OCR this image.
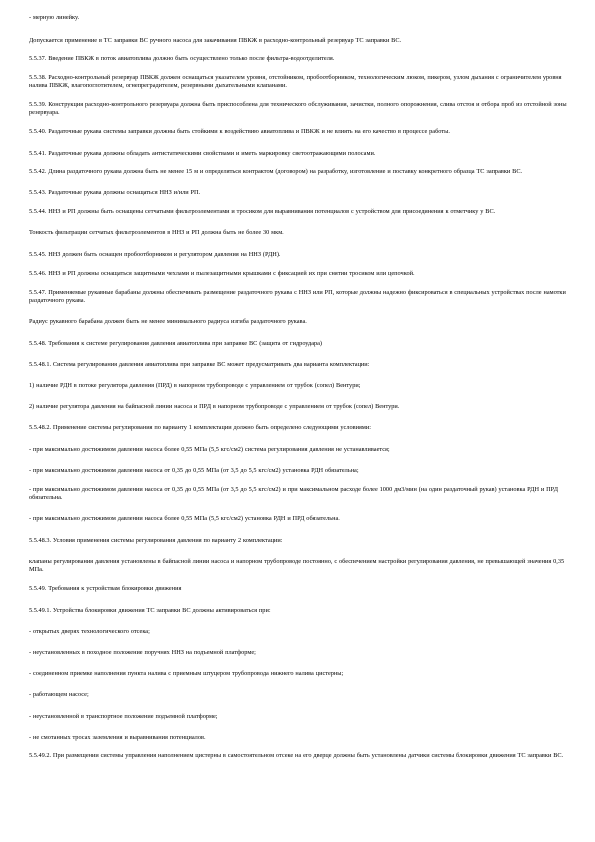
- мерную линейку.

Допускается применение в ТС заправки ВС ручного насоса для закачивания ПВКЖ в расходно-контрольный резервуар ТС заправки ВС.

5.5.37. Введение ПВКЖ в поток авиатоплива должно быть осуществлено только после фильтра-водоотделителя.

5.5.38. Расходно-контрольный резервуар ПВКЖ должен оснащаться указателем уровня, отстойником, пробоотборником, технологическим люком, пикером, узлом дыхания с ограничителем уровня налива ПВКЖ, влагопоглотителем, огнепреградителем, резервными дыхательными клапанами.

5.5.39. Конструкция расходно-контрольного резервуара должна быть приспособлена для технического обслуживания, зачистки, полного опорожнения, слива отстоя и отбора проб из отстойной зоны резервуара.

5.5.40. Раздаточные рукава системы заправки должны быть стойкими к воздействию авиатоплива и ПВКЖ и не влиять на его качество в процессе работы.

5.5.41. Раздаточные рукава должны обладать антистатическими свойствами и иметь маркировку светоотражающими полосами.

5.5.42. Длина раздаточного рукава должна быть не менее 15 м и определяться контрактом (договором) на разработку, изготовление и поставку конкретного образца ТС заправки ВС.

5.5.43. Раздаточные рукава должны оснащаться ННЗ и/или РП.

5.5.44. ННЗ и РП должны быть оснащены сетчатыми фильтроэлементами и тросиком для выравнивания потенциалов с устройством для присоединения к отметчику у ВС.

Тонкость фильтрации сетчатых фильтроэлементов в ННЗ и РП должна быть не более 30 мкм.

5.5.45. ННЗ должен быть оснащен пробоотборником и регулятором давления на ННЗ (РДН).

5.5.46. ННЗ и РП должны оснащаться защитными чехлами и пылезащитными крышками с фиксацией их при снятии тросиком или цепочкой.

5.5.47. Применяемые рукавные барабаны должны обеспечивать размещение раздаточного рукава с ННЗ или РП, которые должны надежно фиксироваться в специальных устройствах после намотки раздаточного рукава.

Радиус рукавного барабана должен быть не менее минимального радиуса изгиба раздаточного рукава.

5.5.48. Требования к системе регулирования давления авиатоплива при заправке ВС (защита от гидроудара)

5.5.48.1. Система регулирования давления авиатоплива при заправке ВС может предусматривать два варианта комплектации:

1) наличие РДН в потоке регулятора давления (ПРД) в напорном трубопроводе с управлением от трубок (сопел) Вентури;

2) наличие регулятора давления на байпасной линии насоса и ПРД в напорном трубопроводе с управлением от трубок (сопел) Вентури.

5.5.48.2. Применение системы регулирования по варианту 1 комплектации должно быть определено следующими условиями:

- при максимально достижимом давлении насоса более 0,55 МПа (5,5 кгс/см2) система регулирования давления не устанавливается;

- при максимально достижимом давлении насоса от 0,35 до 0,55 МПа (от 3,5 до 5,5 кгс/см2) установка РДН обязательна;

- при максимально достижимом давлении насоса от 0,35 до 0,55 МПа (от 3,5 до 5,5 кгс/см2) и при максимальном расходе более 1000 дм3/мин (на один раздаточный рукав) установка РДН и ПРД обязательна.

- при максимально достижимом давлении насоса более 0,55 МПа (5,5 кгс/см2) установка РДН и ПРД обязательна.

5.5.48.3. Условия применения системы регулирования давления по варианту 2 комплектации:

клапаны регулирования давления установлены в байпасной линии насоса и напорном трубопроводе постоянно, с обеспечением настройки регулирования давления, не превышающей значения 0,35 МПа.

5.5.49. Требования к устройствам блокировки движения

5.5.49.1. Устройства блокировки движения ТС заправки ВС должны активироваться при:

- открытых дверях технологического отсека;

- неустановленных в походное положение поручнях ННЗ на подъемной платформе;

- соединенном приемке наполнения пункта налива с приемным штуцером трубопровода нижнего налива цистерны;

- работающем насосе;

- неустановленной в транспортное положение подъемной платформе;

- не смотанных тросах заземления и выравнивания потенциалов.

5.5.49.2. При размещении системы управления наполнением цистерны в самостоятельном отсеке на его дверце должны быть установлены датчики системы блокировки движения ТС заправки ВС.
